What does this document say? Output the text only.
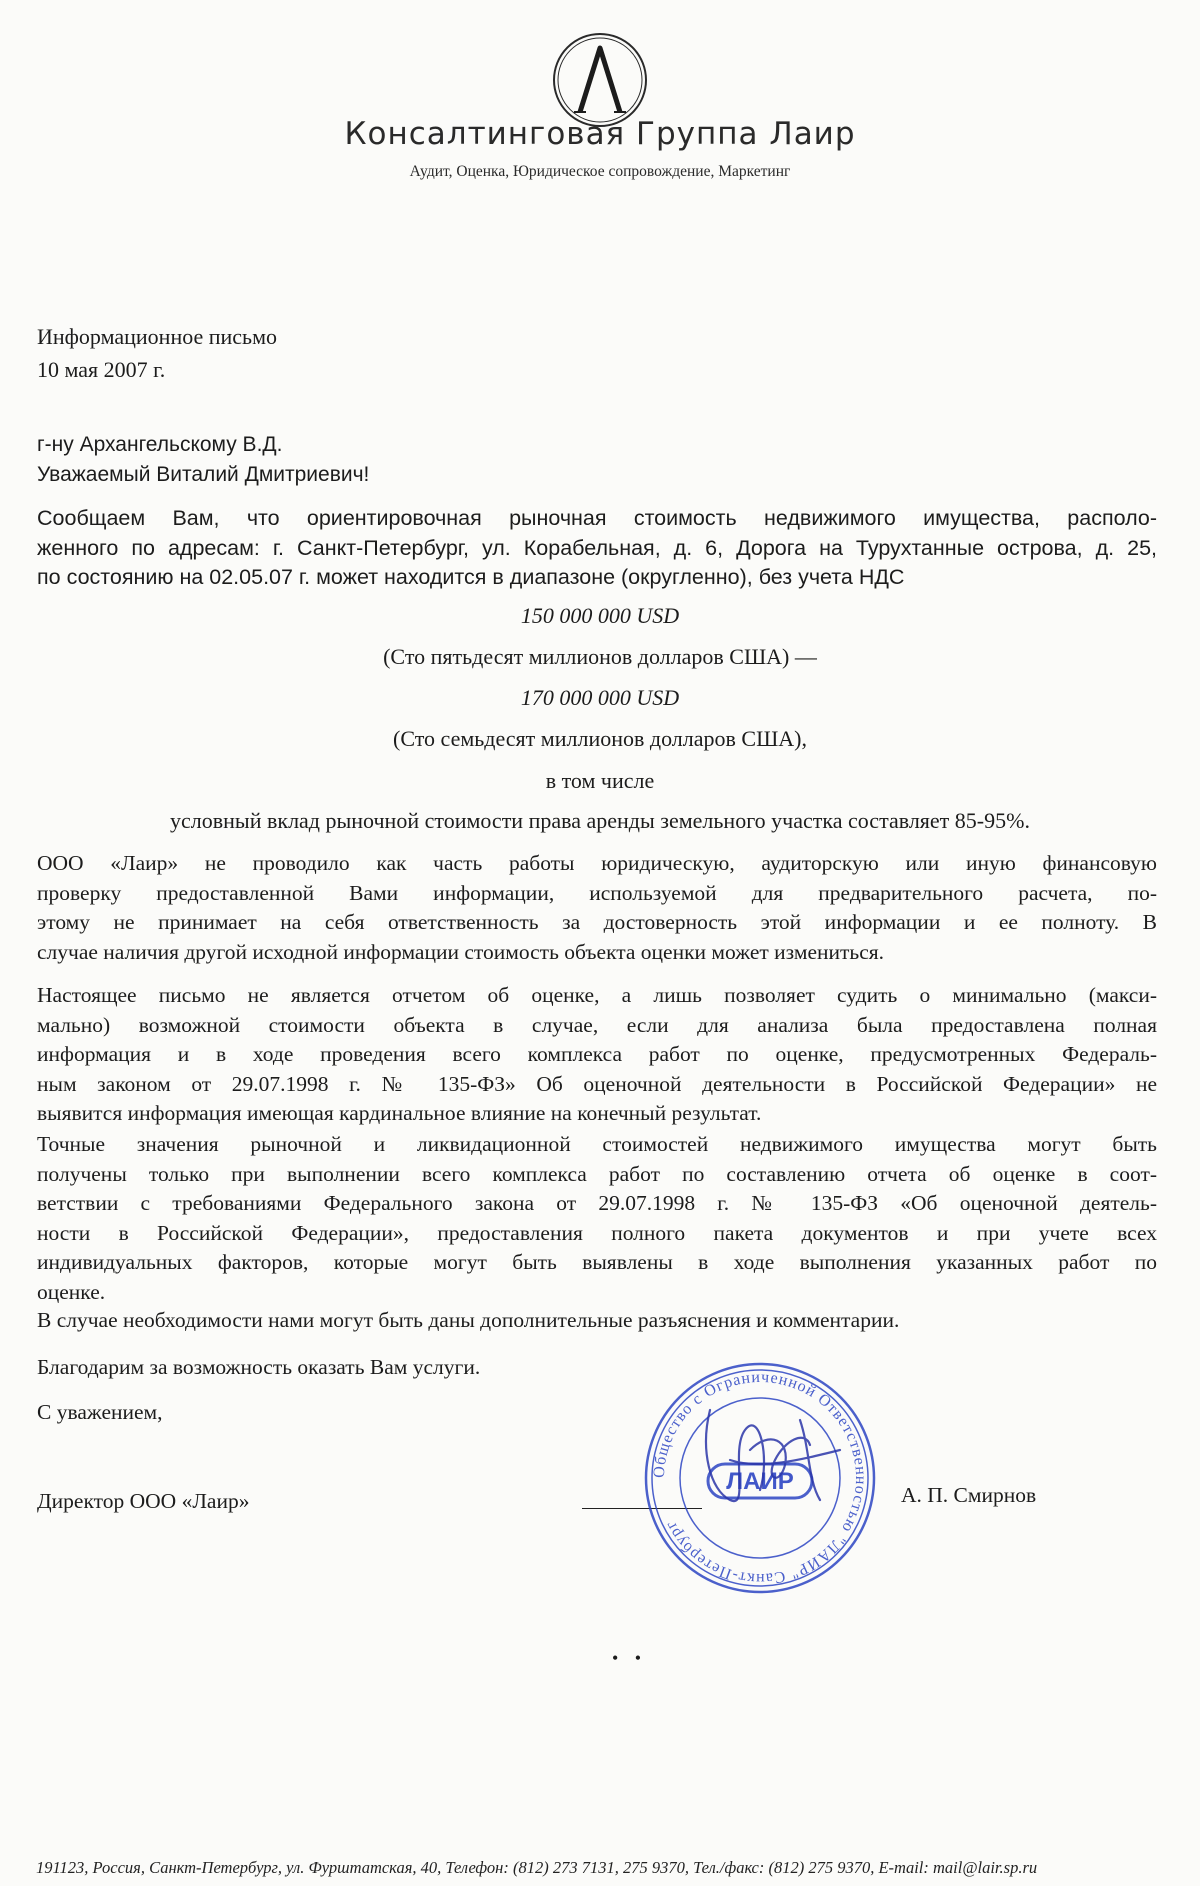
Консалтинговая Группа Лаир
Аудит, Оценка, Юридическое сопровождение, Маркетинг
Информационное письмо
10 мая 2007 г.
г-ну Архангельскому В.Д.
Уважаемый Виталий Дмитриевич!
Сообщаем Вам, что ориентировочная рыночная стоимость недвижимого имущества, располо-
женного по адресам: г. Санкт-Петербург, ул. Корабельная, д. 6, Дорога на Турухтанные острова, д. 25,
по состоянию на 02.05.07 г. может находится в диапазоне (округленно), без учета НДС
150 000 000 USD
(Сто пятьдесят миллионов долларов США) —
170 000 000 USD
(Сто семьдесят миллионов долларов США),
в том числе
условный вклад рыночной стоимости права аренды земельного участка составляет 85-95%.
ООО «Лаир» не проводило как часть работы юридическую, аудиторскую или иную финансовую
проверку предоставленной Вами информации, используемой для предварительного расчета, по-
этому не принимает на себя ответственность за достоверность этой информации и ее полноту. В
случае наличия другой исходной информации стоимость объекта оценки может измениться.
Настоящее письмо не является отчетом об оценке, а лишь позволяет судить о минимально (макси-
мально) возможной стоимости объекта в случае, если для анализа была предоставлена полная
информация и в ходе проведения всего комплекса работ по оценке, предусмотренных Федераль-
ным законом от 29.07.1998 г. № 135-ФЗ» Об оценочной деятельности в Российской Федерации» не
выявится информация имеющая кардинальное влияние на конечный результат.
Точные значения рыночной и ликвидационной стоимостей недвижимого имущества могут быть
получены только при выполнении всего комплекса работ по составлению отчета об оценке в соот-
ветствии с требованиями Федерального закона от 29.07.1998 г. № 135-ФЗ «Об оценочной деятель-
ности в Российской Федерации», предоставления полного пакета документов и при учете всех
индивидуальных факторов, которые могут быть выявлены в ходе выполнения указанных работ по
оценке.
В случае необходимости нами могут быть даны дополнительные разъяснения и комментарии.
Благодарим за возможность оказать Вам услуги.
С уважением,
Директор ООО «Лаир»
Общество с Ограниченной Ответственностью "ЛАИР" Санкт-Петербург
ЛАИР	А. П. Смирнов
• •
191123, Россия, Санкт-Петербург, ул. Фурштатская, 40, Телефон: (812) 273 7131, 275 9370, Тел./факс: (812) 275 9370, E-mail: mail@lair.sp.ru
